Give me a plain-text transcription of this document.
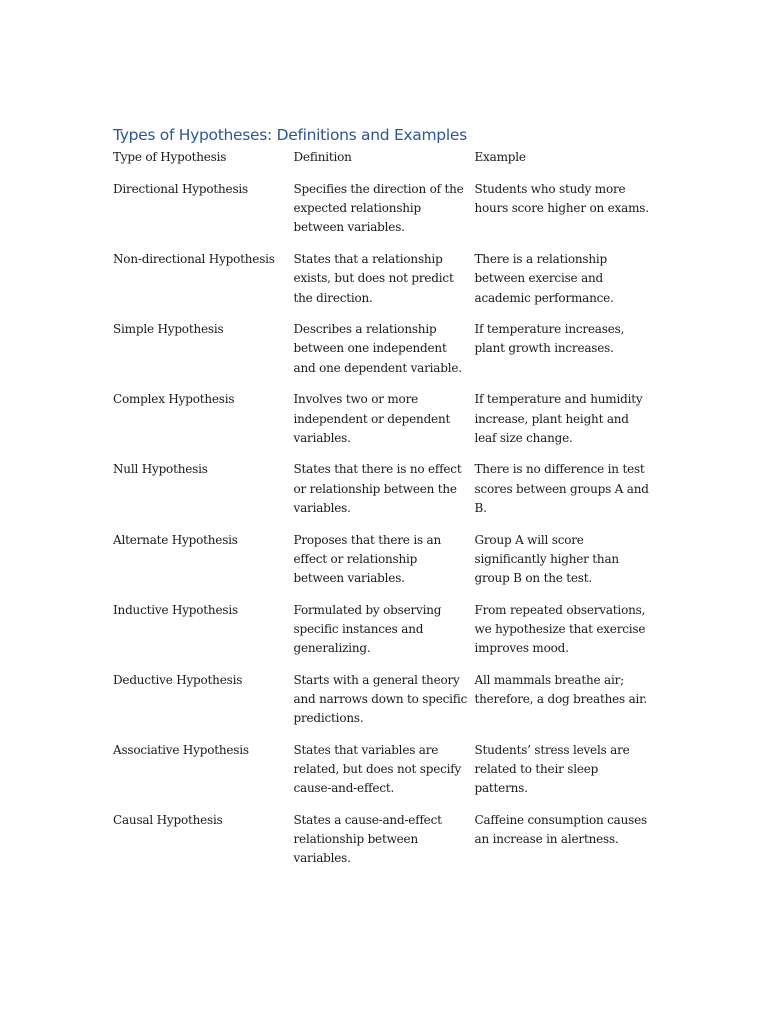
Types of Hypotheses: Definitions and Examples
Type of Hypothesis	Definition	Example
Directional Hypothesis	Specifies the direction of the expected relationship between variables.	Students who study more hours score higher on exams.
Non-directional Hypothesis	States that a relationship exists, but does not predict the direction.	There is a relationship between exercise and academic performance.
Simple Hypothesis	Describes a relationship between one independent and one dependent variable.	If temperature increases, plant growth increases.
Complex Hypothesis	Involves two or more independent or dependent variables.	If temperature and humidity increase, plant height and leaf size change.
Null Hypothesis	States that there is no effect or relationship between the variables.	There is no difference in test scores between groups A and B.
Alternate Hypothesis	Proposes that there is an effect or relationship between variables.	Group A will score significantly higher than group B on the test.
Inductive Hypothesis	Formulated by observing specific instances and generalizing.	From repeated observations, we hypothesize that exercise improves mood.
Deductive Hypothesis	Starts with a general theory and narrows down to specific predictions.	All mammals breathe air; therefore, a dog breathes air.
Associative Hypothesis	States that variables are related, but does not specify cause-and-effect.	Students’ stress levels are related to their sleep patterns.
Causal Hypothesis	States a cause-and-effect relationship between variables.	Caffeine consumption causes an increase in alertness.
